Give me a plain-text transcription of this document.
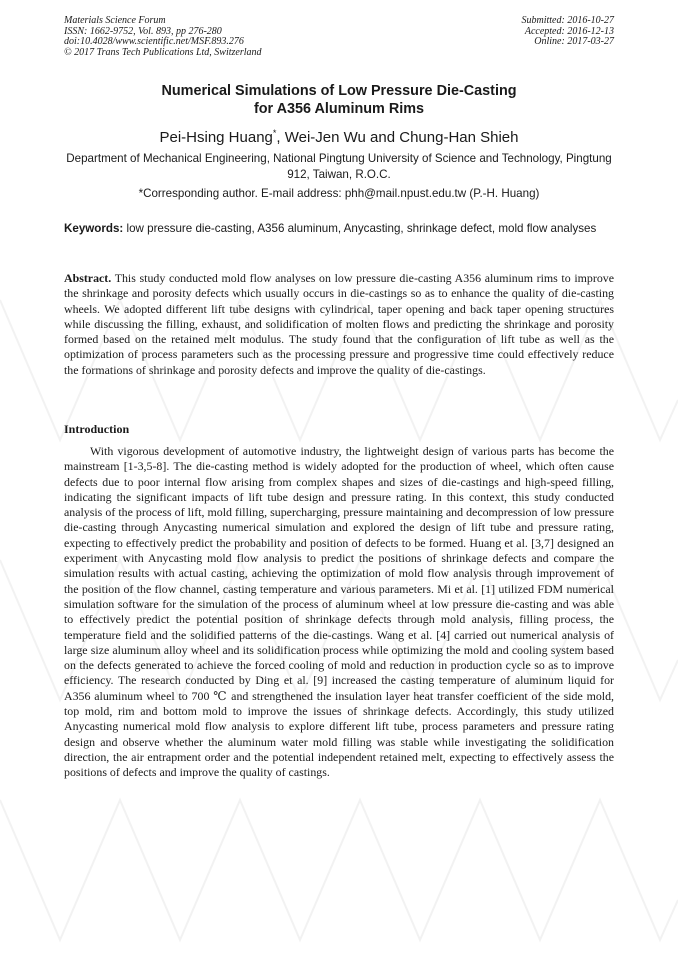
Materials Science Forum
ISSN: 1662-9752, Vol. 893, pp 276-280
doi:10.4028/www.scientific.net/MSF.893.276
© 2017 Trans Tech Publications Ltd, Switzerland
Submitted: 2016-10-27
Accepted: 2016-12-13
Online: 2017-03-27
Numerical Simulations of Low Pressure Die-Casting
for A356 Aluminum Rims
Pei-Hsing Huang*, Wei-Jen Wu and Chung-Han Shieh
Department of Mechanical Engineering, National Pingtung University of Science and Technology, Pingtung 912, Taiwan, R.O.C.
*Corresponding author. E-mail address: phh@mail.npust.edu.tw (P.-H. Huang)
Keywords: low pressure die-casting, A356 aluminum, Anycasting, shrinkage defect, mold flow analyses
Abstract. This study conducted mold flow analyses on low pressure die-casting A356 aluminum rims to improve the shrinkage and porosity defects which usually occurs in die-castings so as to enhance the quality of die-casting wheels. We adopted different lift tube designs with cylindrical, taper opening and back taper opening structures while discussing the filling, exhaust, and solidification of molten flows and predicting the shrinkage and porosity formed based on the retained melt modulus. The study found that the configuration of lift tube as well as the optimization of process parameters such as the processing pressure and progressive time could effectively reduce the formations of shrinkage and porosity defects and improve the quality of die-castings.
Introduction
With vigorous development of automotive industry, the lightweight design of various parts has become the mainstream [1-3,5-8]. The die-casting method is widely adopted for the production of wheel, which often cause defects due to poor internal flow arising from complex shapes and sizes of die-castings and high-speed filling, indicating the significant impacts of lift tube design and pressure rating. In this context, this study conducted analysis of the process of lift, mold filling, supercharging, pressure maintaining and decompression of low pressure die-casting through Anycasting numerical simulation and explored the design of lift tube and pressure rating, expecting to effectively predict the probability and position of defects to be formed. Huang et al. [3,7] designed an experiment with Anycasting mold flow analysis to predict the positions of shrinkage defects and compare the simulation results with actual casting, achieving the optimization of mold flow analysis through improvement of the position of the flow channel, casting temperature and various parameters. Mi et al. [1] utilized FDM numerical simulation software for the simulation of the process of aluminum wheel at low pressure die-casting and was able to effectively predict the potential position of shrinkage defects through mold analysis, filling process, the temperature field and the solidified patterns of the die-castings. Wang et al. [4] carried out numerical analysis of large size aluminum alloy wheel and its solidification process while optimizing the mold and cooling system based on the defects generated to achieve the forced cooling of mold and reduction in production cycle so as to improve efficiency. The research conducted by Ding et al. [9] increased the casting temperature of aluminum liquid for A356 aluminum wheel to 700 ℃ and strengthened the insulation layer heat transfer coefficient of the side mold, top mold, rim and bottom mold to improve the issues of shrinkage defects. Accordingly, this study utilized Anycasting numerical mold flow analysis to explore different lift tube, process parameters and pressure rating design and observe whether the aluminum water mold filling was stable while investigating the solidification direction, the air entrapment order and the potential independent retained melt, expecting to effectively assess the positions of defects and improve the quality of castings.
